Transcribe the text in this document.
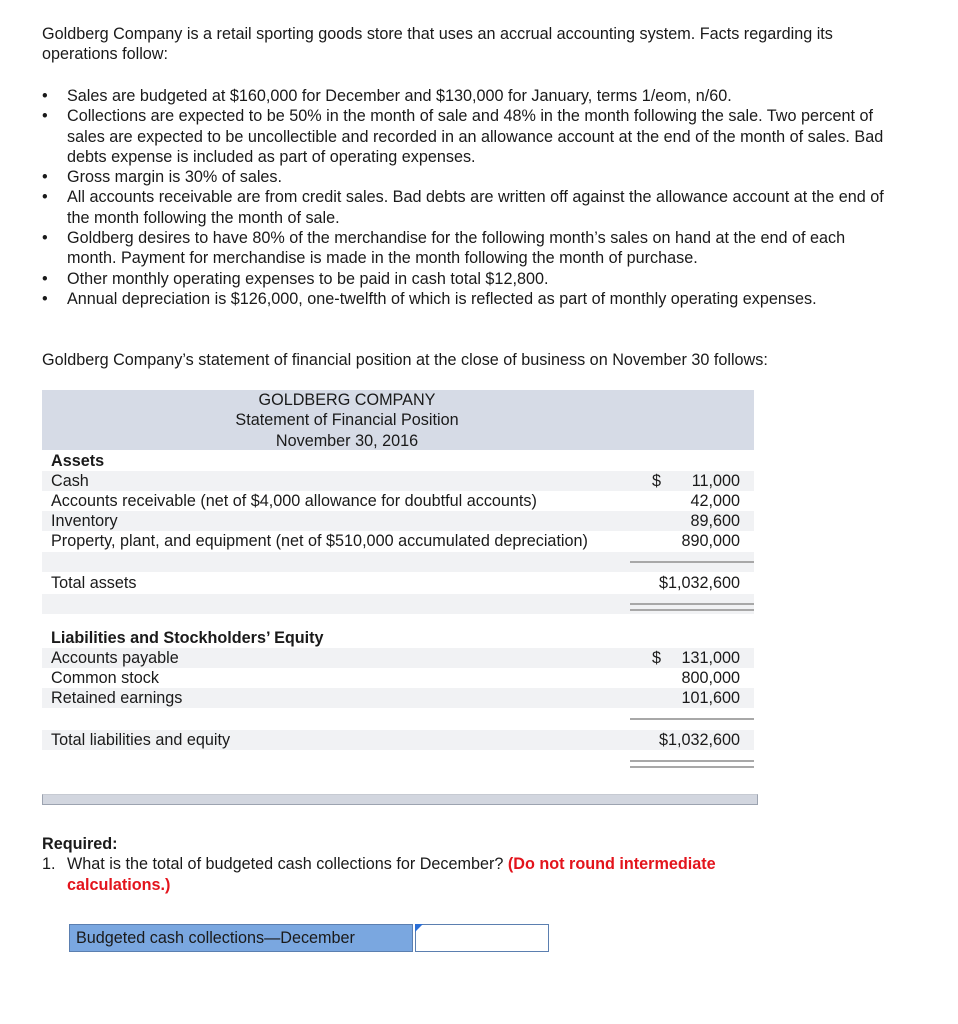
Goldberg Company is a retail sporting goods store that uses an accrual accounting system. Facts regarding its operations follow:
• Sales are budgeted at $160,000 for December and $130,000 for January, terms 1/eom, n/60.
• Collections are expected to be 50% in the month of sale and 48% in the month following the sale. Two percent of sales are expected to be uncollectible and recorded in an allowance account at the end of the month of sales. Bad debts expense is included as part of operating expenses.
• Gross margin is 30% of sales.
• All accounts receivable are from credit sales. Bad debts are written off against the allowance account at the end of the month following the month of sale.
• Goldberg desires to have 80% of the merchandise for the following month’s sales on hand at the end of each month. Payment for merchandise is made in the month following the month of purchase.
• Other monthly operating expenses to be paid in cash total $12,800.
• Annual depreciation is $126,000, one-twelfth of which is reflected as part of monthly operating expenses.
Goldberg Company’s statement of financial position at the close of business on November 30 follows:
GOLDBERG COMPANY
Statement of Financial Position
November 30, 2016
Assets
Cash	$ 11,000
Accounts receivable (net of $4,000 allowance for doubtful accounts)	42,000
Inventory	89,600
Property, plant, and equipment (net of $510,000 accumulated depreciation)	890,000
Total assets	$1,032,600
Liabilities and Stockholders’ Equity
Accounts payable	$ 131,000
Common stock	800,000
Retained earnings	101,600
Total liabilities and equity	$1,032,600
Required:
1. What is the total of budgeted cash collections for December? (Do not round intermediate
calculations.)
Budgeted cash collections—December
